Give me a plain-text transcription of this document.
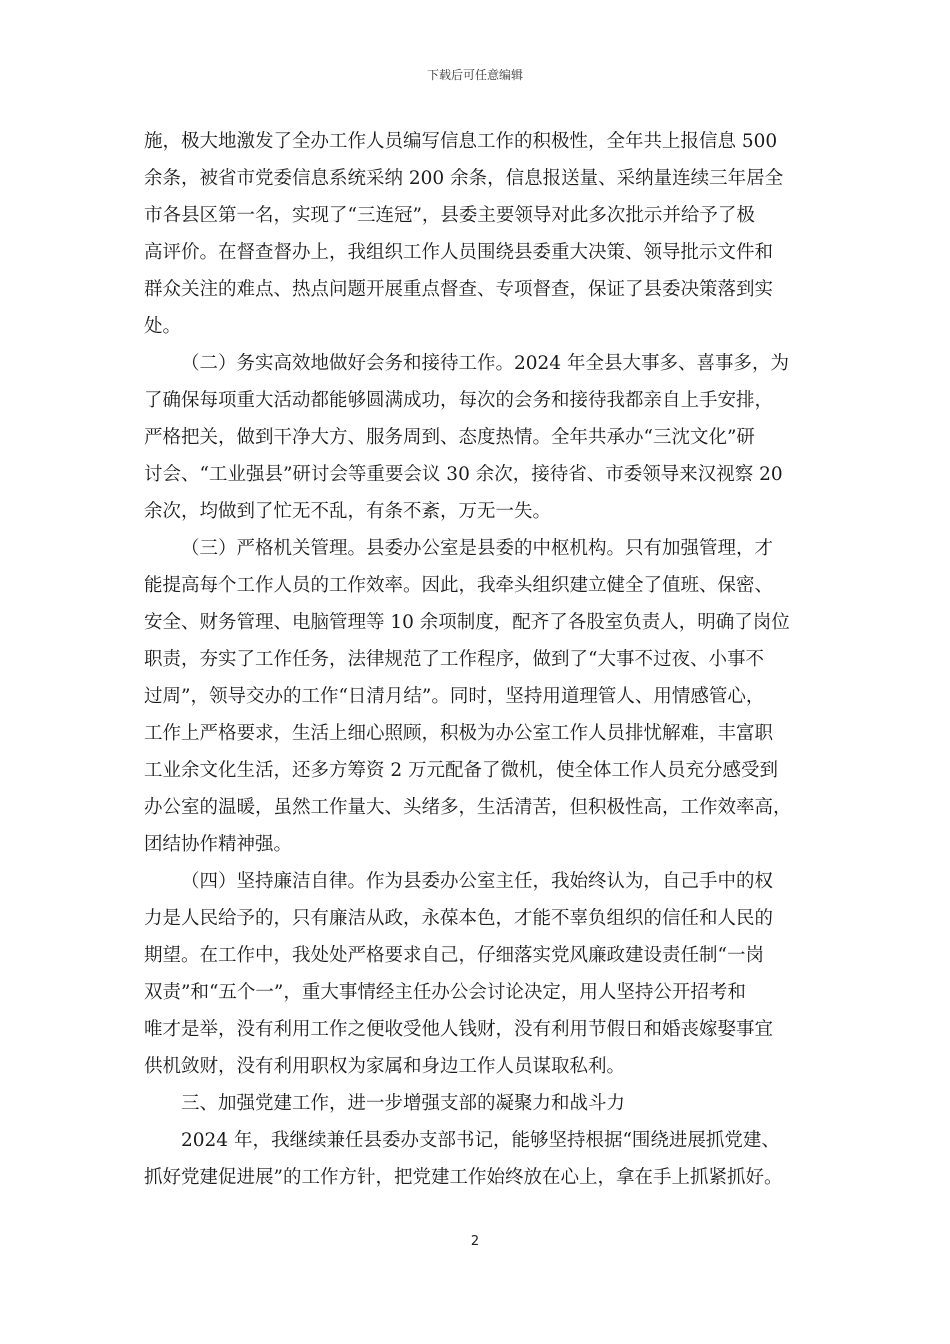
下载后可任意编辑
施，极大地激发了全办工作人员编写信息工作的积极性，全年共上报信息 500
余条，被省市党委信息系统采纳 200 余条，信息报送量、采纳量连续三年居全
市各县区第一名，实现了“三连冠”，县委主要领导对此多次批示并给予了极
高评价。在督查督办上，我组织工作人员围绕县委重大决策、领导批示文件和
群众关注的难点、热点问题开展重点督查、专项督查，保证了县委决策落到实
处。
（二）务实高效地做好会务和接待工作。2024 年全县大事多、喜事多，为
了确保每项重大活动都能够圆满成功，每次的会务和接待我都亲自上手安排，
严格把关，做到干净大方、服务周到、态度热情。全年共承办“三沈文化”研
讨会、“工业强县”研讨会等重要会议 30 余次，接待省、市委领导来汉视察 20
余次，均做到了忙无不乱，有条不紊，万无一失。
（三）严格机关管理。县委办公室是县委的中枢机构。只有加强管理，才
能提高每个工作人员的工作效率。因此，我牵头组织建立健全了值班、保密、
安全、财务管理、电脑管理等 10 余项制度，配齐了各股室负责人，明确了岗位
职责，夯实了工作任务，法律规范了工作程序，做到了“大事不过夜、小事不
过周”，领导交办的工作“日清月结”。同时，坚持用道理管人、用情感管心，
工作上严格要求，生活上细心照顾，积极为办公室工作人员排忧解难，丰富职
工业余文化生活，还多方筹资 2 万元配备了微机，使全体工作人员充分感受到
办公室的温暖，虽然工作量大、头绪多，生活清苦，但积极性高，工作效率高，
团结协作精神强。
（四）坚持廉洁自律。作为县委办公室主任，我始终认为，自己手中的权
力是人民给予的，只有廉洁从政，永葆本色，才能不辜负组织的信任和人民的
期望。在工作中，我处处严格要求自己，仔细落实党风廉政建设责任制“一岗
双责”和“五个一”，重大事情经主任办公会讨论决定，用人坚持公开招考和
唯才是举，没有利用工作之便收受他人钱财，没有利用节假日和婚丧嫁娶事宜
供机敛财，没有利用职权为家属和身边工作人员谋取私利。
三、加强党建工作，进一步增强支部的凝聚力和战斗力
2024 年，我继续兼任县委办支部书记，能够坚持根据“围绕进展抓党建、
抓好党建促进展”的工作方针，把党建工作始终放在心上，拿在手上抓紧抓好。
2
